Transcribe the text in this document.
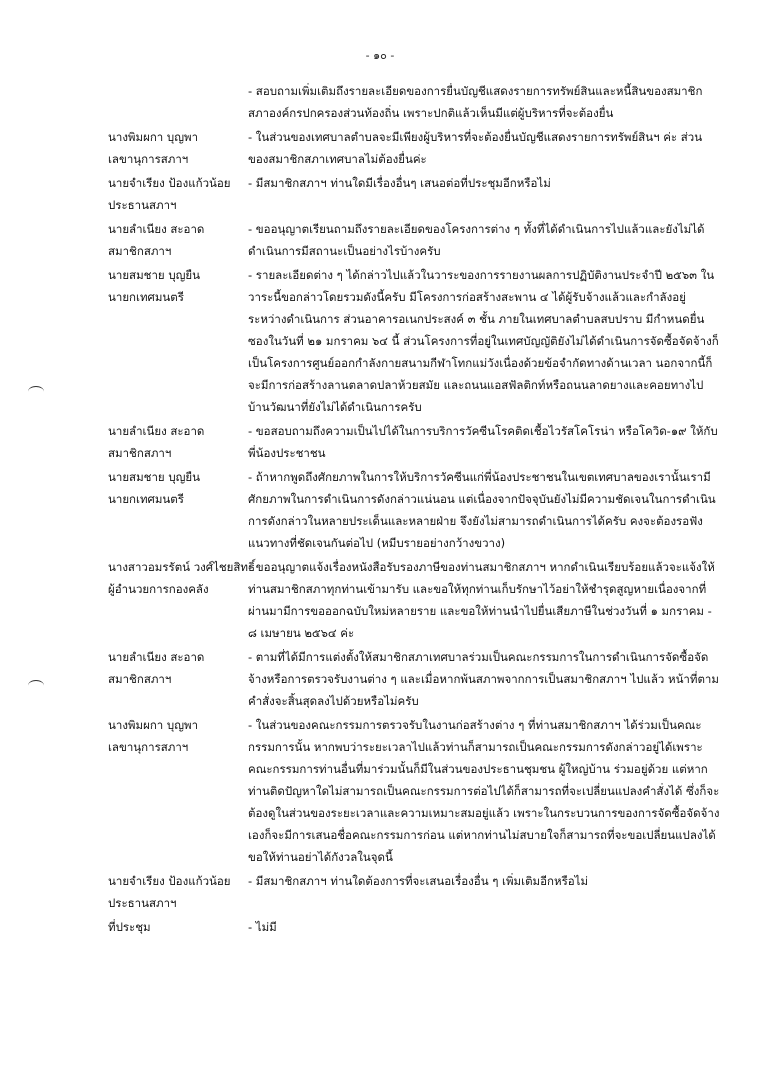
- ๑๐ -
- สอบถามเพิ่มเติมถึงรายละเอียดของการยื่นบัญชีแสดงรายการทรัพย์สินและหนี้สินของสมาชิกสภาองค์กรปกครองส่วนท้องถิ่น เพราะปกติแล้วเห็นมีแต่ผู้บริหารที่จะต้องยื่น
นางพิมผกา บุญพา
เลขานุการสภาฯ
- ในส่วนของเทศบาลตำบลจะมีเพียงผู้บริหารที่จะต้องยื่นบัญชีแสดงรายการทรัพย์สินฯ ค่ะ ส่วนของสมาชิกสภาเทศบาลไม่ต้องยื่นค่ะ
นายจำเรียง ป้องแก้วน้อย
ประธานสภาฯ
- มีสมาชิกสภาฯ ท่านใดมีเรื่องอื่นๆ เสนอต่อที่ประชุมอีกหรือไม่
นายลำเนียง สะอาด
สมาชิกสภาฯ
- ขออนุญาตเรียนถามถึงรายละเอียดของโครงการต่าง ๆ ทั้งที่ได้ดำเนินการไปแล้วและยังไม่ได้ดำเนินการมีสถานะเป็นอย่างไรบ้างครับ
นายสมชาย บุญยืน
นายกเทศมนตรี
- รายละเอียดต่าง ๆ ได้กล่าวไปแล้วในวาระของการรายงานผลการปฏิบัติงานประจำปี ๒๕๖๓ ในวาระนี้ขอกล่าวโดยรวมดังนี้ครับ มีโครงการก่อสร้างสะพาน ๔ ได้ผู้รับจ้างแล้วและกำลังอยู่ระหว่างดำเนินการ ส่วนอาคารอเนกประสงค์ ๓ ชั้น ภายในเทศบาลตำบลสบปราบ มีกำหนดยื่นซองในวันที่ ๒๑ มกราคม ๖๔ นี้ ส่วนโครงการที่อยู่ในเทศบัญญัติยังไม่ได้ดำเนินการจัดซื้อจัดจ้างก็เป็นโครงการศูนย์ออกกำลังกายสนามกีฬาโทกแม่วังเนื่องด้วยข้อจำกัดทางด้านเวลา นอกจากนี้ก็จะมีการก่อสร้างลานตลาดปลาห้วยสมัย และถนนแอสฟัลติกท์หรือถนนลาดยางและคอยทางไปบ้านวัฒนาที่ยังไม่ได้ดำเนินการครับ
นายลำเนียง สะอาด
สมาชิกสภาฯ
- ขอสอบถามถึงความเป็นไปได้ในการบริการวัคซีนโรคติดเชื้อไวรัสโคโรน่า หรือโควิด-๑๙ ให้กับพี่น้องประชาชน
นายสมชาย บุญยืน
นายกเทศมนตรี
- ถ้าหากพูดถึงศักยภาพในการให้บริการวัคซีนแก่พี่น้องประชาชนในเขตเทศบาลของเรานั้นเรามีศักยภาพในการดำเนินการดังกล่าวแน่นอน แต่เนื่องจากปัจจุบันยังไม่มีความชัดเจนในการดำเนินการดังกล่าวในหลายประเด็นและหลายฝ่าย จึงยังไม่สามารถดำเนินการได้ครับ คงจะต้องรอฟังแนวทางที่ชัดเจนกันต่อไป (หมีบรายอย่างกว้างขวาง)
นางสาวอมรรัตน์ วงศ์ไชยสิทธิ์
ผู้อำนวยการกองคลัง
- ขออนุญาตแจ้งเรื่องหนังสือรับรองภาษีของท่านสมาชิกสภาฯ หากดำเนินเรียบร้อยแล้วจะแจ้งให้ท่านสมาชิกสภาทุกท่านเข้ามารับ และขอให้ทุกท่านเก็บรักษาไว้อย่าให้ชำรุดสูญหายเนื่องจากที่ผ่านมามีการขอออกฉบับใหม่หลายราย และขอให้ท่านนำไปยื่นเสียภาษีในช่วงวันที่ ๑ มกราคม - ๘ เมษายน ๒๕๖๔ ค่ะ
นายลำเนียง สะอาด
สมาชิกสภาฯ
- ตามที่ได้มีการแต่งตั้งให้สมาชิกสภาเทศบาลร่วมเป็นคณะกรรมการในการดำเนินการจัดซื้อจัดจ้างหรือการตรวจรับงานต่าง ๆ และเมื่อหากพ้นสภาพจากการเป็นสมาชิกสภาฯ ไปแล้ว หน้าที่ตามคำสั่งจะสิ้นสุดลงไปด้วยหรือไม่ครับ
นางพิมผกา บุญพา
เลขานุการสภาฯ
- ในส่วนของคณะกรรมการตรวจรับในงานก่อสร้างต่าง ๆ ที่ท่านสมาชิกสภาฯ ได้ร่วมเป็นคณะกรรมการนั้น หากพบว่าระยะเวลาไปแล้วท่านก็สามารถเป็นคณะกรรมการดังกล่าวอยู่ได้เพราะคณะกรรมการท่านอื่นที่มาร่วมนั้นก็มีในส่วนของประธานชุมชน ผู้ใหญ่บ้าน ร่วมอยู่ด้วย แต่หากท่านติดปัญหาใดไม่สามารถเป็นคณะกรรมการต่อไปได้ก็สามารถที่จะเปลี่ยนแปลงคำสั่งได้ ซึ่งก็จะต้องดูในส่วนของระยะเวลาและความเหมาะสมอยู่แล้ว เพราะในกระบวนการของการจัดซื้อจัดจ้างเองก็จะมีการเสนอชื่อคณะกรรมการก่อน แต่หากท่านไม่สบายใจก็สามารถที่จะขอเปลี่ยนแปลงได้ ขอให้ท่านอย่าได้กังวลในจุดนี้
นายจำเรียง ป้องแก้วน้อย
ประธานสภาฯ
- มีสมาชิกสภาฯ ท่านใดต้องการที่จะเสนอเรื่องอื่น ๆ เพิ่มเติมอีกหรือไม่
ที่ประชุม	- ไม่มี
